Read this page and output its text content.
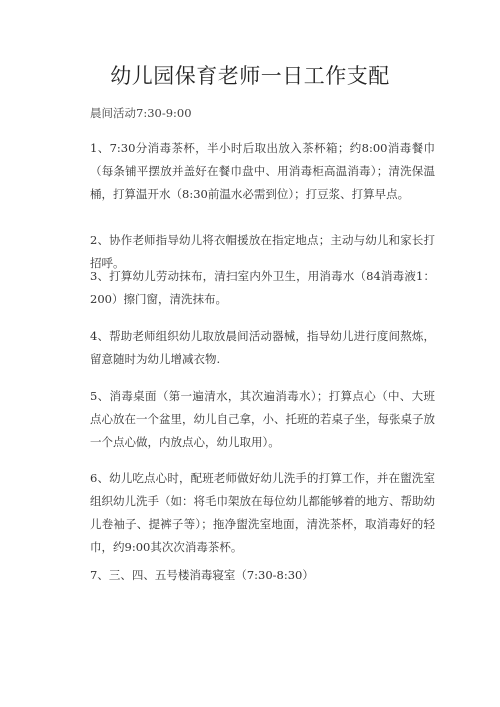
幼儿园保育老师一日工作支配
晨间活动7:30-9:00
1、7:30分消毒茶杯，半小时后取出放入茶杯箱；约8:00消毒餐巾（每条铺平摆放并盖好在餐巾盘中、用消毒柜高温消毒）；清洗保温桶，打算温开水（8:30前温水必需到位）；打豆浆、打算早点。
2、协作老师指导幼儿将衣帽援放在指定地点；主动与幼儿和家长打招呼。
3、打算幼儿劳动抹布，清扫室内外卫生，用消毒水（84消毒液1：200）擦门窗，清洗抹布。
4、帮助老师组织幼儿取放晨间活动器械，指导幼儿进行度间熬炼，留意随时为幼儿增减衣物.
5、消毒桌面（第一遍清水，其次遍消毒水）；打算点心（中、大班点心放在一个盆里，幼儿自己拿，小、托班的若桌子坐，每张桌子放一个点心做，内放点心，幼儿取用）。
6、幼儿吃点心时，配班老师做好幼儿洗手的打算工作，并在盥洗室组织幼儿洗手（如：将毛巾架放在每位幼儿都能够着的地方、帮助幼儿卷袖子、提裤子等）；拖净盥洗室地面，清洗茶杯，取消毒好的轻巾，约9:00其次次消毒茶杯。
7、三、四、五号楼消毒寝室（7:30-8:30）
